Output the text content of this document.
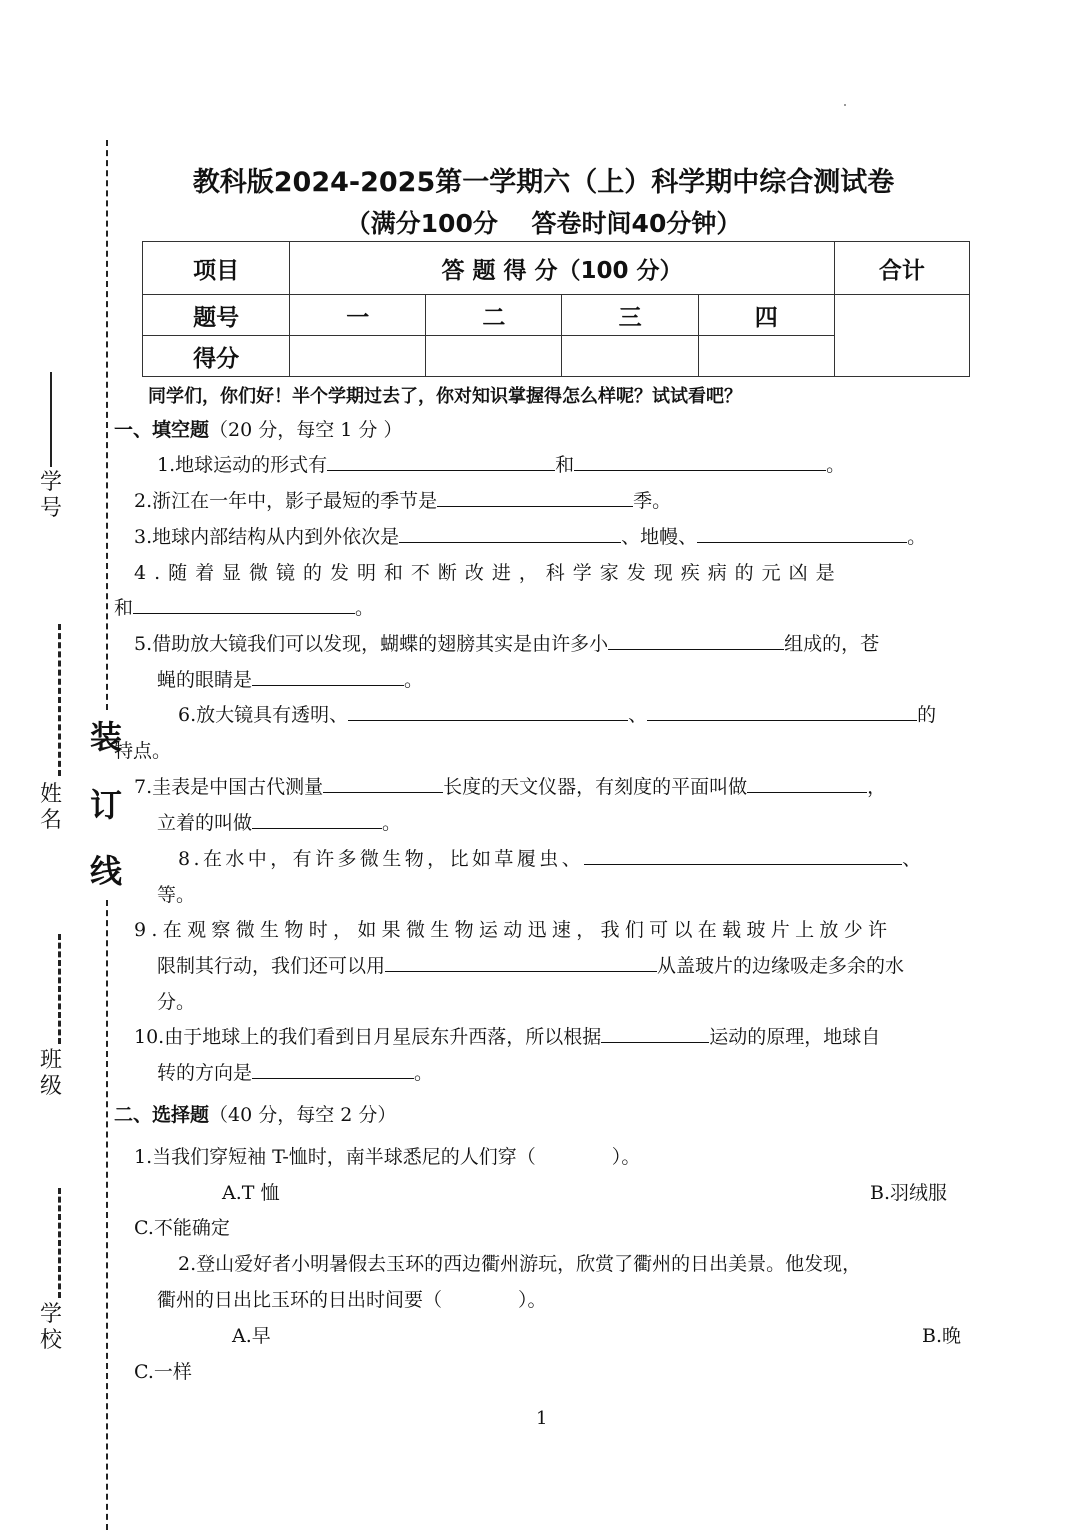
学号
姓名
班级
学校
装
订
线
教科版2024-2025第一学期六（上）科学期中综合测试卷
（满分100分　 答卷时间40分钟）
项目	答 题 得 分（100 分）				合计
题号	一	二	三	四	
得分					
同学们，你们好！半个学期过去了，你对知识掌握得怎么样呢？试试看吧？
一、填空题（20 分，每空 1 分 ）
1.地球运动的形式有	和	。
2.浙江在一年中，影子最短的季节是	季。
3.地球内部结构从内到外依次是	、地幔、	。
4.随着显微镜的发明和不断改进，科学家发现疾病的元凶是
和	。
5.借助放大镜我们可以发现，蝴蝶的翅膀其实是由许多小	组成的，苍
蝇的眼睛是	。
6.放大镜具有透明、	、	的
特点。
7.圭表是中国古代测量	长度的天文仪器，有刻度的平面叫做	，
立着的叫做	。
8.在水中，有许多微生物，比如草履虫、	、
等。
9.在观察微生物时，如果微生物运动迅速，我们可以在载玻片上放少许
限制其行动，我们还可以用	从盖玻片的边缘吸走多余的水
分。
10.由于地球上的我们看到日月星辰东升西落，所以根据	运动的原理，地球自
转的方向是	。
二、选择题（40 分，每空 2 分）
1.当我们穿短袖 T-恤时，南半球悉尼的人们穿（　　　　）。
A.T 恤	B.羽绒服
C.不能确定
2.登山爱好者小明暑假去玉环的西边衢州游玩，欣赏了衢州的日出美景。他发现，
衢州的日出比玉环的日出时间要（　　　　）。
A.早	B.晚
C.一样
1
